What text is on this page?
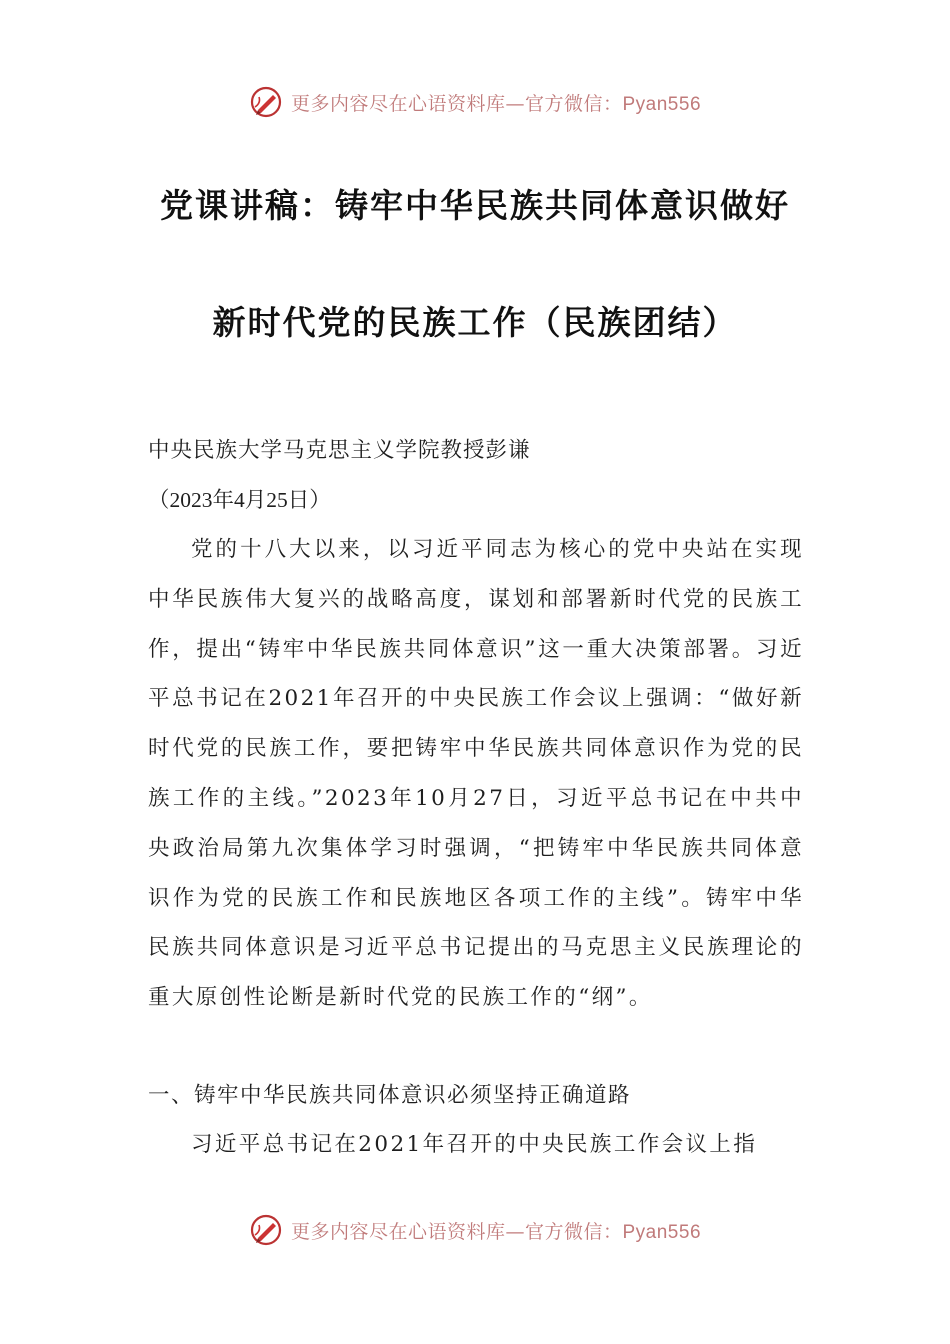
更多内容尽在心语资料库—官方微信：Pyan556
党课讲稿：铸牢中华民族共同体意识做好
新时代党的民族工作（民族团结）
中央民族大学马克思主义学院教授彭谦
（2023年4月25日）
党的十八大以来，以习近平同志为核心的党中央站在实现中华民族伟大复兴的战略高度，谋划和部署新时代党的民族工作，提出“铸牢中华民族共同体意识”这一重大决策部署。习近平总书记在2021年召开的中央民族工作会议上强调：“做好新时代党的民族工作，要把铸牢中华民族共同体意识作为党的民族工作的主线。”2023年10月27日，习近平总书记在中共中央政治局第九次集体学习时强调，“把铸牢中华民族共同体意识作为党的民族工作和民族地区各项工作的主线”。铸牢中华民族共同体意识是习近平总书记提出的马克思主义民族理论的重大原创性论断是新时代党的民族工作的“纲”。
一、铸牢中华民族共同体意识必须坚持正确道路
习近平总书记在2021年召开的中央民族工作会议上指
更多内容尽在心语资料库—官方微信：Pyan556
